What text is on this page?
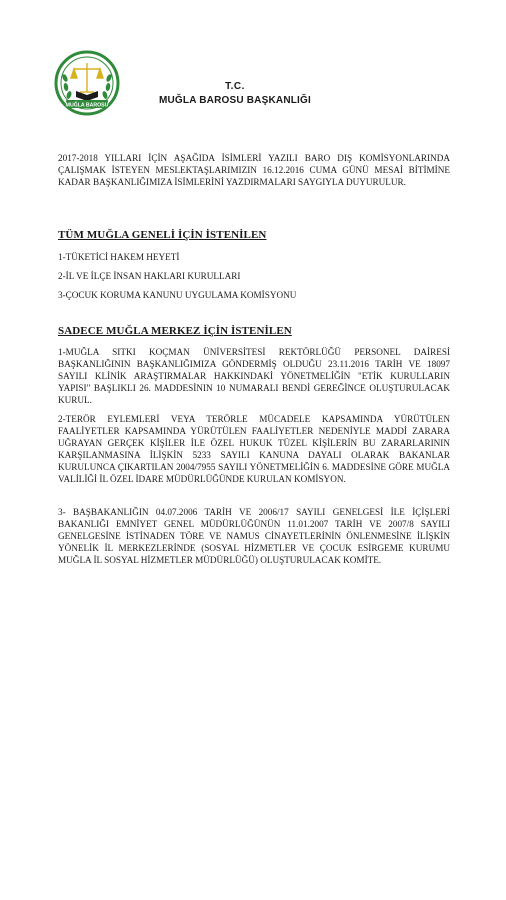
MUĞLA BAROSU
T.C.
MUĞLA BAROSU BAŞKANLIĞI
2017-2018 YILLARI İÇİN AŞAĞIDA İSİMLERİ YAZILI BARO DIŞ KOMİSYONLARINDA ÇALIŞMAK İSTEYEN MESLEKTAŞLARIMIZIN 16.12.2016 CUMA GÜNÜ MESAİ BİTİMİNE KADAR BAŞKANLIĞIMIZA İSİMLERİNİ YAZDIRMALARI SAYGIYLA DUYURULUR.
TÜM MUĞLA GENELİ İÇİN İSTENİLEN
1-TÜKETİCİ HAKEM HEYETİ
2-İL VE İLÇE İNSAN HAKLARI KURULLARI
3-ÇOCUK KORUMA KANUNU UYGULAMA KOMİSYONU
SADECE MUĞLA MERKEZ İÇİN İSTENİLEN
1-MUĞLA SITKI KOÇMAN ÜNİVERSİTESİ REKTÖRLÜĞÜ PERSONEL DAİRESİ BAŞKANLIĞININ BAŞKANLIĞIMIZA GÖNDERMİŞ OLDUĞU 23.11.2016 TARİH VE 18097 SAYILI KLİNİK ARAŞTIRMALAR HAKKINDAKİ YÖNETMELİĞİN "ETİK KURULLARIN YAPISI" BAŞLIKLI 26. MADDESİNIN 10 NUMARALI BENDİ GEREĞİNCE OLUŞTURULACAK KURUL.
2-TERÖR EYLEMLERİ VEYA TERÖRLE MÜCADELE KAPSAMINDA YÜRÜTÜLEN FAALİYETLER KAPSAMINDA YÜRÜTÜLEN FAALİYETLER NEDENİYLE MADDİ ZARARA UĞRAYAN GERÇEK KİŞİLER İLE ÖZEL HUKUK TÜZEL KİŞİLERİN BU ZARARLARININ KARŞILANMASINA İLİŞKİN 5233 SAYILI KANUNA DAYALI OLARAK BAKANLAR KURULUNCA ÇIKARTILAN 2004/7955 SAYILI YÖNETMELİĞİN 6. MADDESİNE GÖRE MUĞLA VALİLİĞİ İL ÖZEL İDARE MÜDÜRLÜĞÜNDE KURULAN KOMİSYON.
3- BAŞBAKANLIĞIN 04.07.2006 TARİH VE 2006/17 SAYILI GENELGESİ İLE İÇİŞLERİ BAKANLIĞI EMNİYET GENEL MÜDÜRLÜĞÜNÜN 11.01.2007 TARİH VE 2007/8 SAYILI GENELGESİNE İSTİNADEN TÖRE VE NAMUS CİNAYETLERİNİN ÖNLENMESİNE İLİŞKİN YÖNELİK İL MERKEZLERİNDE (SOSYAL HİZMETLER VE ÇOCUK ESİRGEME KURUMU MUĞLA İL SOSYAL HİZMETLER MÜDÜRLÜĞÜ) OLUŞTURULACAK KOMİTE.
